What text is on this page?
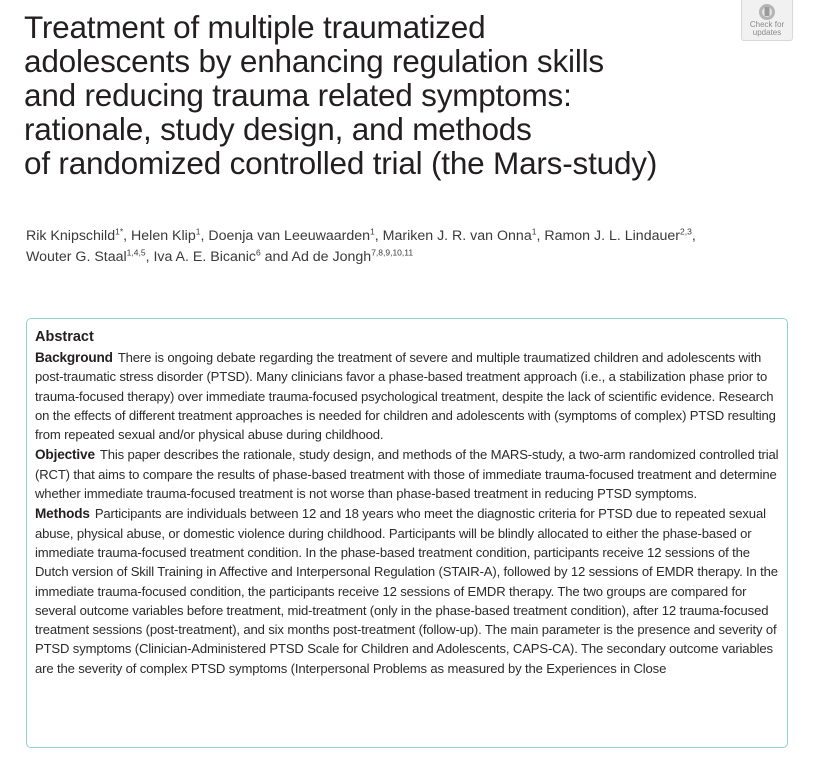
Treatment of multiple traumatized
adolescents by enhancing regulation skills
and reducing trauma related symptoms:
rationale, study design, and methods
of randomized controlled trial (the Mars-study)
Check for
updates
Rik Knipschild$^{1*}$, Helen Klip$^1$, Doenja van Leeuwaarden$^1$, Mariken J. R. van Onna$^1$, Ramon J. L. Lindauer$^{2,3}$,
Wouter G. Staal$^{1,4,5}$, Iva A. E. Bicanic$^6$ and Ad de Jongh$^{7,8,9,10,11}$
Abstract

Background There is ongoing debate regarding the treatment of severe and multiple traumatized children and adolescents with post-traumatic stress disorder (PTSD). Many clinicians favor a phase-based treatment approach (i.e., a stabilization phase prior to trauma-focused therapy) over immediate trauma-focused psychological treatment, despite the lack of scientific evidence. Research on the effects of different treatment approaches is needed for children and adolescents with (symptoms of complex) PTSD resulting from repeated sexual and/or physical abuse during childhood.

Objective This paper describes the rationale, study design, and methods of the MARS-study, a two-arm randomized controlled trial (RCT) that aims to compare the results of phase-based treatment with those of immediate trauma-focused treatment and determine whether immediate trauma-focused treatment is not worse than phase-based treatment in reducing PTSD symptoms.

Methods Participants are individuals between 12 and 18 years who meet the diagnostic criteria for PTSD due to repeated sexual abuse, physical abuse, or domestic violence during childhood. Participants will be blindly allocated to either the phase-based or immediate trauma-focused treatment condition. In the phase-based treatment condition, participants receive 12 sessions of the Dutch version of Skill Training in Affective and Interpersonal Regulation (STAIR-A), followed by 12 sessions of EMDR therapy. In the immediate trauma-focused condition, the participants receive 12 sessions of EMDR therapy. The two groups are compared for several outcome variables before treatment, mid-treatment (only in the phase-based treatment condition), after 12 trauma-focused treatment sessions (post-treatment), and six months post-treatment (follow-up). The main parameter is the presence and severity of PTSD symptoms (Clinician-Administered PTSD Scale for Children and Adolescents, CAPS-CA). The secondary outcome variables are the severity of complex PTSD symptoms (Interpersonal Problems as measured by the Experiences in Close
